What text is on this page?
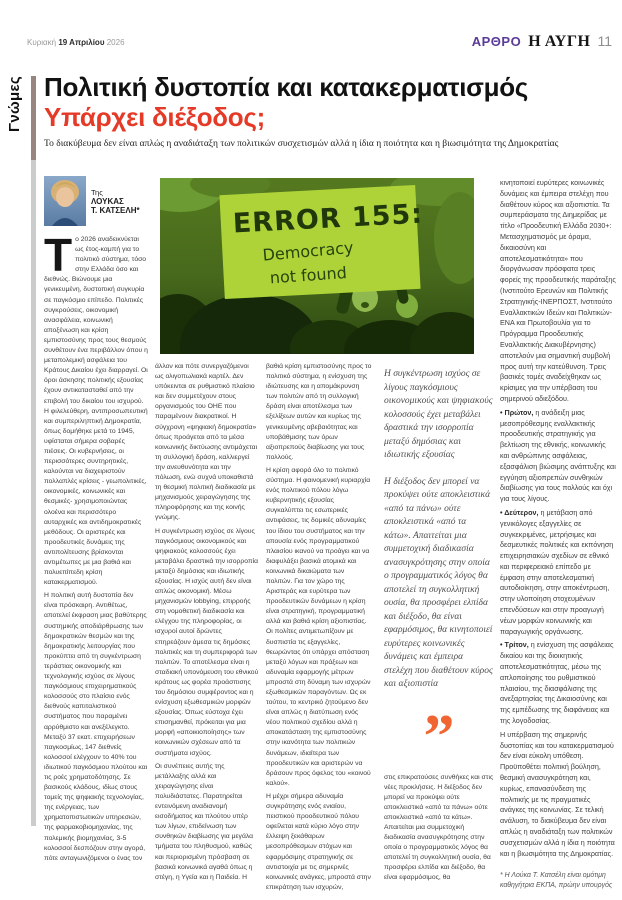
Κυριακή 19 Απριλίου 2026	ΑΡΘΡΟ Η ΑΥΓΗ 11
Γνώμες Πολιτική δυστοπία και κατακερματισμός
Υπάρχει διέξοδος;
Το διακύβευμα δεν είναι απλώς η αναδιάταξη των πολιτικών συσχετισμών αλλά η ίδια η ποιότητα και η βιωσιμότητα της Δημοκρατίας
Της
ΛΟΥΚΑΣ
Τ. ΚΑΤΣΕΛΗ*

Το 2026 αναδεικνύεται ως έτος-καμπή για το πολιτικό σύστημα, τόσο στην Ελλάδα όσο και διεθνώς. Βιώνουμε μια γενικευμένη, δυστοπική συγκυρία σε παγκόσμιο επίπεδο. Πολιτικές συγκρούσεις, οικονομική ανασφάλεια, κοινωνική αποξένωση και κρίση εμπιστοσύνης προς τους θεσμούς συνθέτουν ένα περιβάλλον όπου η μεταπολεμική ασφάλεια του Κράτους Δικαίου έχει διαρραγεί. Οι όροι άσκησης πολιτικής εξουσίας έχουν αντικατασταθεί από την επιβολή του δικαίου του ισχυρού. Η φιλελεύθερη, αντιπροσωπευτική και συμπεριληπτική Δημοκρατία, όπως δομήθηκε μετά το 1945, υφίσταται σήμερα σοβαρές πιέσεις. Οι κυβερνήσεις, οι περισσότερες συντηρητικές, καλούνται να διαχειριστούν πολλαπλές κρίσεις - γεωπολιτικές, οικονομικές, κοινωνικές και θεσμικές- χρησιμοποιώντας ολοένα και περισσότερο αυταρχικές και αντιδημοκρατικές μεθόδους. Οι αριστερές και προοδευτικές δυνάμεις της αντιπολίτευσης βρίσκονται αντιμέτωπες με μια βαθιά και πολυεπίπεδη κρίση κατακερματισμού.

Η πολιτική αυτή δυστοπία δεν είναι πρόσκαιρη. Αντιθέτως, αποτελεί έκφραση μιας βαθύτερης συστημικής αποδιάρθρωσης των δημοκρατικών θεσμών και της δημοκρατικής λειτουργίας που προκύπτει από τη συγκέντρωση τεράστιας οικονομικής και τεχνολογικής ισχύος σε λίγους παγκόσμιους επιχειρηματικούς κολοσσούς στο πλαίσιο ενός διεθνούς καπιταλιστικού συστήματος που παραμένει αρρύθμιστο και ανεξέλεγκτο. Μεταξύ 37 εκατ. επιχειρήσεων παγκοσμίως, 147 διεθνείς κολοσσοί ελέγχουν το 40% του ιδιωτικού παγκόσμιου πλούτου και τις ροές χρηματοδότησης. Σε βασικούς κλάδους, ιδίως στους τομείς της ψηφιακής τεχνολογίας, της ενέργειας, των χρηματοπιστωτικών υπηρεσιών, της φαρμακοβιομηχανίας, της πολεμικής βιομηχανίας, 3-5 κολοσσοί δεσπόζουν στην αγορά, πότε ανταγωνιζόμενοι ο ένας τον

ERROR 155:
Democracy
not found

άλλον και πότε συνεργαζόμενοι ως ολιγοπωλιακά καρτέλ. Δεν υπόκεινται σε ρυθμιστικό πλαίσιο και δεν συμμετέχουν στους οργανισμούς του ΟΗΕ που παραμένουν διακρατικοί. Η σύγχρονη «ψηφιακή δημοκρατία» όπως προάγεται από τα μέσα κοινωνικής δικτύωσης αντιμάχεται τη συλλογική δράση, καλλιεργεί την ανευθυνότητα και την πόλωση, ενώ συχνά υποκαθιστά τη θεσμική πολιτική διαδικασία με μηχανισμούς χειραγώγησης της πληροφόρησης και της κοινής γνώμης.

Η συγκέντρωση ισχύος σε λίγους παγκόσμιους οικονομικούς και ψηφιακούς κολοσσούς έχει μεταβάλει δραστικά την ισορροπία μεταξύ δημόσιας και ιδιωτικής εξουσίας. Η ισχύς αυτή δεν είναι απλώς οικονομική. Μέσω μηχανισμών lobbying, επιρροής στη νομοθετική διαδικασία και ελέγχου της πληροφορίας, οι ισχυροί αυτοί δρώντες επηρεάζουν άμεσα τις δημόσιες πολιτικές και τη συμπεριφορά των πολιτών. Το αποτέλεσμα είναι η σταδιακή υπονόμευση του εθνικού κράτους ως φορέα προάσπισης του δημόσιου συμφέροντος και η ενίσχυση εξωθεσμικών μορφών εξουσίας. Όπως εύστοχα έχει επισημανθεί, πρόκειται για μια μορφή «αποικιοποίησης» των κοινωνικών σχέσεων από τα συστήματα ισχύος.

Οι συνέπειες αυτής της μετάλλαξης αλλά και χειραγώγησης είναι πολυδιάστατες. Παρατηρείται εντεινόμενη αναδιανομή εισοδήματος και πλούτου υπέρ των λίγων, επιδείνωση των συνθηκών διαβίωσης για μεγάλα τμήματα του πληθυσμού, καθώς και περιορισμένη πρόσβαση σε βασικά κοινωνικά αγαθά όπως η στέγη, η Υγεία και η Παιδεία. Η

βαθιά κρίση εμπιστοσύνης προς το πολιτικό σύστημα, η ενίσχυση της ιδιώτευσης και η απομάκρυνση των πολιτών από τη συλλογική δράση είναι αποτέλεσμα των εξελίξεων αυτών και κυρίως της γενικευμένης αβεβαιότητας και υποβάθμισης των όρων αξιοπρεπούς διαβίωσης για τους πολλούς.

Η κρίση αφορά όλο το πολιτικό σύστημα. Η φαινομενική κυριαρχία ενός πολιτικού πόλου λόγω κυβερνητικής εξουσίας συγκαλύπτει τις εσωτερικές αντιφάσεις, τις δομικές αδυναμίες του ίδιου του συστήματος και την απουσία ενός προγραμματικού πλαισίου ικανού να προάγει και να διαφυλάξει βασικά ατομικά και κοινωνικά δικαιώματα των πολιτών. Για τον χώρο της Αριστεράς και ευρύτερα των προοδευτικών δυνάμεων η κρίση είναι στρατηγική, προγραμματική αλλά και βαθιά κρίση αξιοπιστίας. Οι πολίτες αντιμετωπίζουν με δυσπιστία τις εξαγγελίες, θεωρώντας ότι υπάρχει απόσταση μεταξύ λόγων και πράξεων και αδυναμία εφαρμογής μέτρων μπροστά στη δύναμη των ισχυρών εξωθεσμικών παραγόντων. Ως εκ τούτου, το κεντρικό ζητούμενο δεν είναι απλώς η διατύπωση ενός νέου πολιτικού σχεδίου αλλά η αποκατάσταση της εμπιστοσύνης στην ικανότητα των πολιτικών δυνάμεων, ιδιαίτερα των προοδευτικών και αριστερών να δράσουν προς όφελος του «κοινού καλού».

Η μέχρι σήμερα αδυναμία συγκρότησης ενός ενιαίου, πειστικού προοδευτικού πόλου οφείλεται κατά κύριο λόγο στην έλλειψη ξεκάθαρων μεσοπρόθεσμων στόχων και εφαρμόσιμης στρατηγικής σε αντιστοιχία με τις σημερινές κοινωνικές ανάγκες, μπροστά στην επικράτηση των ισχυρών,

Η συγκέντρωση ισχύος σε λίγους παγκόσμιους οικονομικούς και ψηφιακούς κολοσσούς έχει μεταβάλει δραστικά την ισορροπία μεταξύ δημόσιας και ιδιωτικής εξουσίας
Η διέξοδος δεν μπορεί να προκύψει ούτε αποκλειστικά «από τα πάνω» ούτε αποκλειστικά «από τα κάτω». Απαιτείται μια συμμετοχική διαδικασία ανασυγκρότησης στην οποία ο προγραμματικός λόγος θα αποτελεί τη συγκολλητική ουσία, θα προσφέρει ελπίδα και διέξοδο, θα είναι εφαρμόσιμος, θα κινητοποιεί ευρύτερες κοινωνικές δυνάμεις και έμπειρα στελέχη που διαθέτουν κύρος και αξιοπιστία
”

στις επικρατούσες συνθήκες και στις νέες προκλήσεις. Η διέξοδος δεν μπορεί να προκύψει ούτε αποκλειστικά «από τα πάνω» ούτε αποκλειστικά «από τα κάτω». Απαιτείται μια συμμετοχική διαδικασία ανασυγκρότησης στην οποία ο προγραμματικός λόγος θα αποτελεί τη συγκολλητική ουσία, θα προσφέρει ελπίδα και διέξοδο, θα είναι εφαρμόσιμος, θα

κινητοποιεί ευρύτερες κοινωνικές δυνάμεις και έμπειρα στελέχη που διαθέτουν κύρος και αξιοπιστία. Τα συμπεράσματα της Διημερίδας με τίτλο «Προοδευτική Ελλάδα 2030+: Μετασχηματισμός με όραμα, δικαιοσύνη και αποτελεσματικότητα» που διοργάνωσαν πρόσφατα τρεις φορείς της προοδευτικής παράταξης (Ινστιτούτο Ερευνών και Πολιτικής Στρατηγικής-ΙΝΕΡΠΟΣΤ, Ινστιτούτο Εναλλακτικών Ιδεών και Πολιτικών-ΕΝΑ και Πρωτοβουλία για το Πρόγραμμα Προοδευτικής Εναλλακτικής Διακυβέρνησης) αποτελούν μια σημαντική συμβολή προς αυτή την κατεύθυνση. Τρεις βασικές τομές αναδείχθηκαν ως κρίσιμες για την υπέρβαση του σημερινού αδιεξόδου.

• Πρώτον, η ανάδειξη μιας μεσοπρόθεσμης εναλλακτικής προοδευτικής στρατηγικής για βελτίωση της εθνικής, κοινωνικής και ανθρώπινης ασφάλειας, εξασφάλιση βιώσιμης ανάπτυξης και εγγύηση αξιοπρεπών συνθηκών διαβίωσης για τους πολλούς και όχι για τους λίγους.

• Δεύτερον, η μετάβαση από γενικόλογες εξαγγελίες σε συγκεκριμένες, μετρήσιμες και δεσμευτικές πολιτικές και εκπόνηση επιχειρησιακών σχεδίων σε εθνικό και περιφερειακό επίπεδο με έμφαση στην αποτελεσματική αυτοδιοίκηση, στην αποκέντρωση, στην υλοποίηση στοχευμένων επενδύσεων και στην προαγωγή νέων μορφών κοινωνικής και παραγωγικής οργάνωσης.

• Τρίτον, η ενίσχυση της ασφάλειας δικαίου και της διοικητικής αποτελεσματικότητας, μέσω της απλοποίησης του ρυθμιστικού πλαισίου, της διασφάλισης της ανεξαρτησίας της Δικαιοσύνης και της εμπέδωσης της διαφάνειας και της λογοδοσίας.

Η υπέρβαση της σημερινής δυστοπίας και του κατακερματισμού δεν είναι εύκολη υπόθεση. Προϋποθέτει πολιτική βούληση, θεσμική ανασυγκρότηση και, κυρίως, επανασύνδεση της πολιτικής με τις πραγματικές ανάγκες της κοινωνίας. Σε τελική ανάλυση, το διακύβευμα δεν είναι απλώς η αναδιάταξη των πολιτικών συσχετισμών αλλά η ίδια η ποιότητα και η βιωσιμότητα της Δημοκρατίας.

* Η Λούκα Τ. Κατσέλη είναι ομότιμη καθηγήτρια ΕΚΠΑ, πρώην υπουργός
